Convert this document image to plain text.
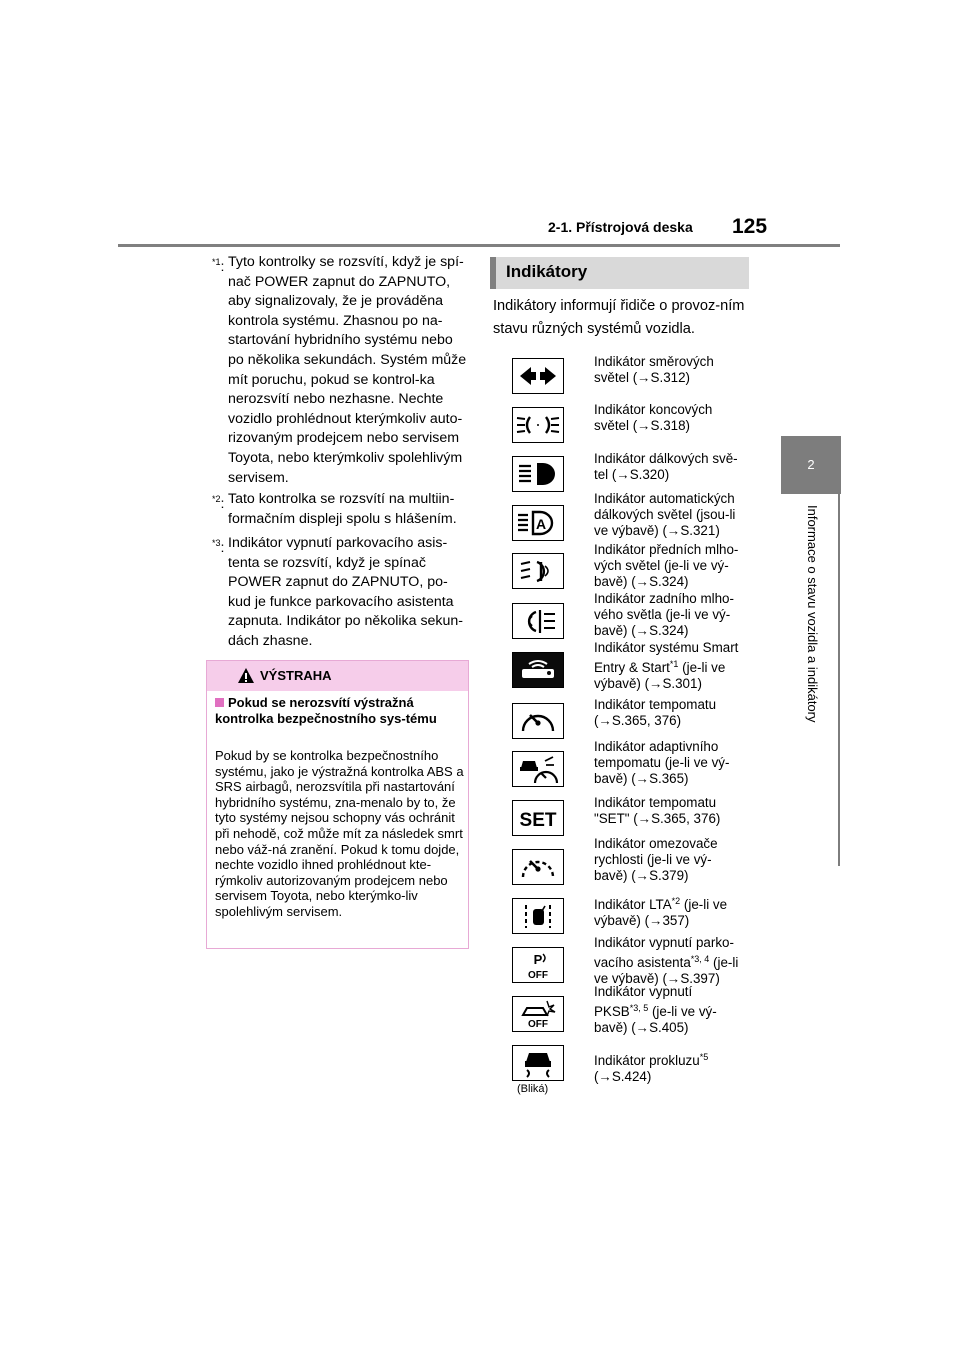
2-1. Přístrojová deska 125
2
Informace o stavu vozidla a indikátory
$^{*1}$: Tyto kontrolky se rozsvítí, když je spí-nač POWER zapnut do ZAPNUTO, aby signalizovaly, že je prováděna kontrola systému. Zhasnou po na-startování hybridního systému nebo po několika sekundách. Systém může mít poruchu, pokud se kontrol-ka nerozsvítí nebo nezhasne. Nechte vozidlo prohlédnout kterýmkoliv auto-rizovaným prodejcem nebo servisem Toyota, nebo kterýmkoliv spolehlivým servisem.
$^{*2}$: Tato kontrolka se rozsvítí na multiin-formačním displeji spolu s hlášením.
$^{*3}$: Indikátor vypnutí parkovacího asis-tenta se rozsvítí, když je spínač POWER zapnut do ZAPNUTO, po-kud je funkce parkovacího asistenta zapnuta. Indikátor po několika sekun-dách zhasne.
VÝSTRAHA
Pokud se nerozsvítí výstražná kontrolka bezpečnostního sys-tému
Pokud by se kontrolka bezpečnostního systému, jako je výstražná kontrolka ABS a SRS airbagů, nerozsvítila při nastartování hybridního systému, zna-menalo by to, že tyto systémy nejsou schopny vás ochránit při nehodě, což může mít za následek smrt nebo váž-ná zranění. Pokud k tomu dojde, nechte vozidlo ihned prohlédnout kte-rýmkoliv autorizovaným prodejcem nebo servisem Toyota, nebo kterýmko-liv spolehlivým servisem.
Indikátory
Indikátory informují řidiče o provoz-ním stavu různých systémů vozidla.
Indikátor směrových
světel (→S.312)
Indikátor koncových
světel (→S.318)
Indikátor dálkových svě-
tel (→S.320)
A
Indikátor automatických
dálkových světel (jsou-li
ve výbavě) (→S.321)
Indikátor předních mlho-
vých světel (je-li ve vý-
bavě) (→S.324)
Indikátor zadního mlho-
vého světla (je-li ve vý-
bavě) (→S.324)
Indikátor systému Smart
Entry & Start$^{*1}$ (je-li ve
výbavě) (→S.301)
Indikátor tempomatu
(→S.365, 376)
Indikátor adaptivního
tempomatu (je-li ve vý-
bavě) (→S.365)
SET
Indikátor tempomatu
"SET" (→S.365, 376)
Indikátor omezovače
rychlosti (je-li ve vý-
bavě) (→S.379)
Indikátor LTA$^{*2}$ (je-li ve
výbavě) (→357)
P
OFF
Indikátor vypnutí parko-
vacího asistenta$^{*3, 4}$ (je-li
ve výbavě) (→S.397)
OFF
Indikátor vypnutí
PKSB$^{*3, 5}$ (je-li ve vý-
bavě) (→S.405)
Indikátor prokluzu$^{*5}$
(→S.424)
(Bliká)
